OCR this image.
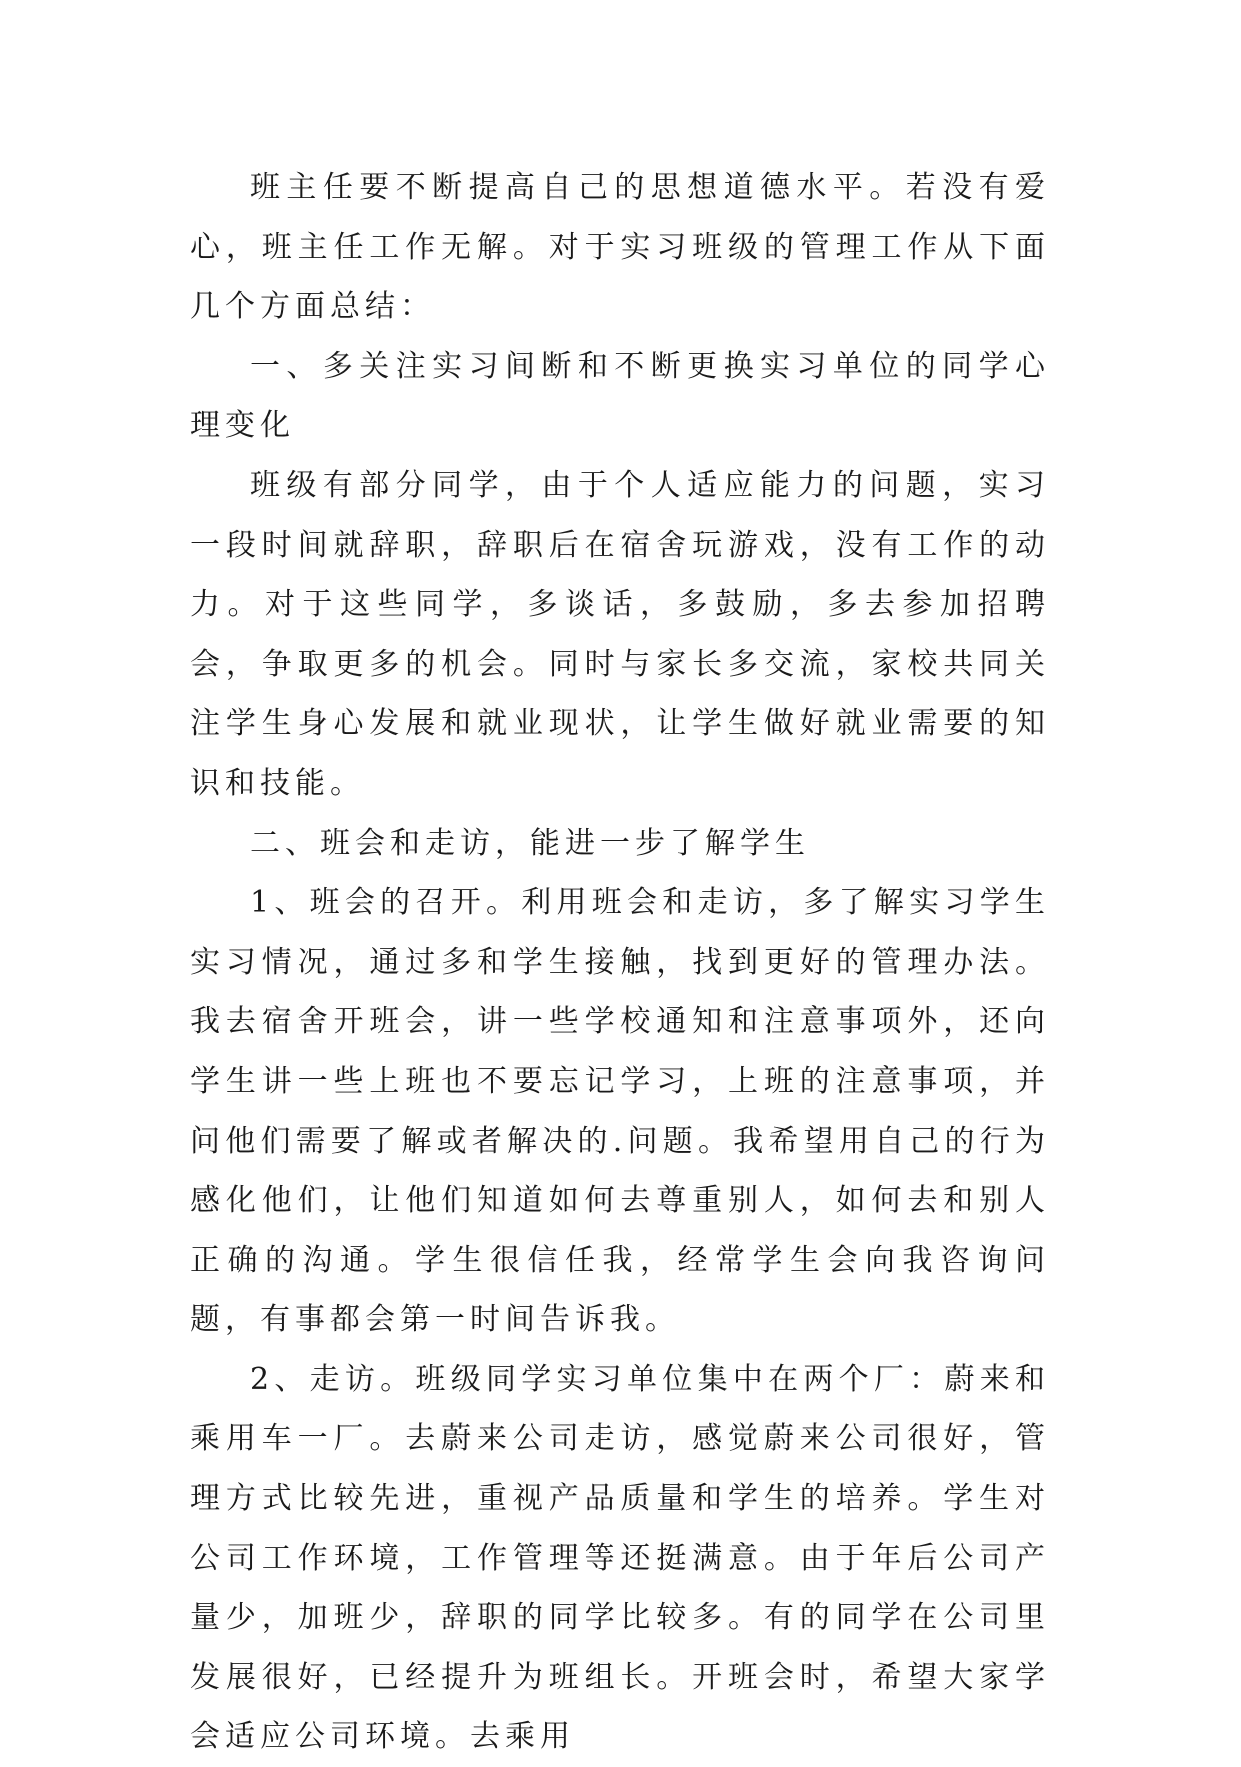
班主任要不断提高自己的思想道德水平。若没有爱心，班主任工作无解。对于实习班级的管理工作从下面几个方面总结：

一、多关注实习间断和不断更换实习单位的同学心理变化

班级有部分同学，由于个人适应能力的问题，实习一段时间就辞职，辞职后在宿舍玩游戏，没有工作的动力。对于这些同学，多谈话，多鼓励，多去参加招聘会，争取更多的机会。同时与家长多交流，家校共同关注学生身心发展和就业现状，让学生做好就业需要的知识和技能。

二、班会和走访，能进一步了解学生

1、班会的召开。利用班会和走访，多了解实习学生实习情况，通过多和学生接触，找到更好的管理办法。我去宿舍开班会，讲一些学校通知和注意事项外，还向学生讲一些上班也不要忘记学习，上班的注意事项，并问他们需要了解或者解决的.问题。我希望用自己的行为感化他们，让他们知道如何去尊重别人，如何去和别人正确的沟通。学生很信任我，经常学生会向我咨询问题，有事都会第一时间告诉我。

2、走访。班级同学实习单位集中在两个厂：蔚来和乘用车一厂。去蔚来公司走访，感觉蔚来公司很好，管理方式比较先进，重视产品质量和学生的培养。学生对公司工作环境，工作管理等还挺满意。由于年后公司产量少，加班少，辞职的同学比较多。有的同学在公司里发展很好，已经提升为班组长。开班会时，希望大家学会适应公司环境。去乘用
